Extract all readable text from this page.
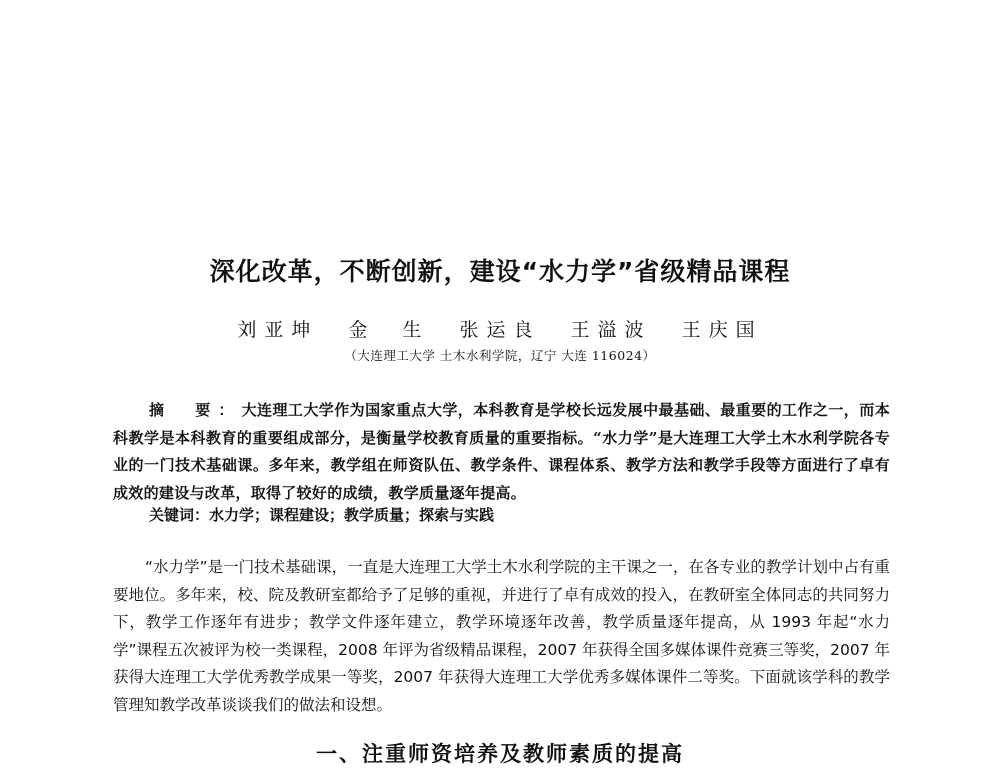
深化改革，不断创新，建设“水力学”省级精品课程
刘亚坤 金　生 张运良 王溢波 王庆国
（大连理工大学 土木水利学院，辽宁 大连 116024）
摘　要：大连理工大学作为国家重点大学，本科教育是学校长远发展中最基础、最重要的工作之一，而本科教学是本科教育的重要组成部分，是衡量学校教育质量的重要指标。“水力学”是大连理工大学土木水利学院各专业的一门技术基础课。多年来，教学组在师资队伍、教学条件、课程体系、教学方法和教学手段等方面进行了卓有成效的建设与改革，取得了较好的成绩，教学质量逐年提高。
关键词：水力学；课程建设；教学质量；探索与实践
“水力学”是一门技术基础课，一直是大连理工大学土木水利学院的主干课之一，在各专业的教学计划中占有重要地位。多年来，校、院及教研室都给予了足够的重视，并进行了卓有成效的投入，在教研室全体同志的共同努力下，教学工作逐年有进步；教学文件逐年建立，教学环境逐年改善，教学质量逐年提高，从 1993 年起“水力学”课程五次被评为校一类课程，2008 年评为省级精品课程，2007 年获得全国多媒体课件竞赛三等奖，2007 年获得大连理工大学优秀教学成果一等奖，2007 年获得大连理工大学优秀多媒体课件二等奖。下面就该学科的教学管理知教学改革谈谈我们的做法和设想。
一、注重师资培养及教师素质的提高
